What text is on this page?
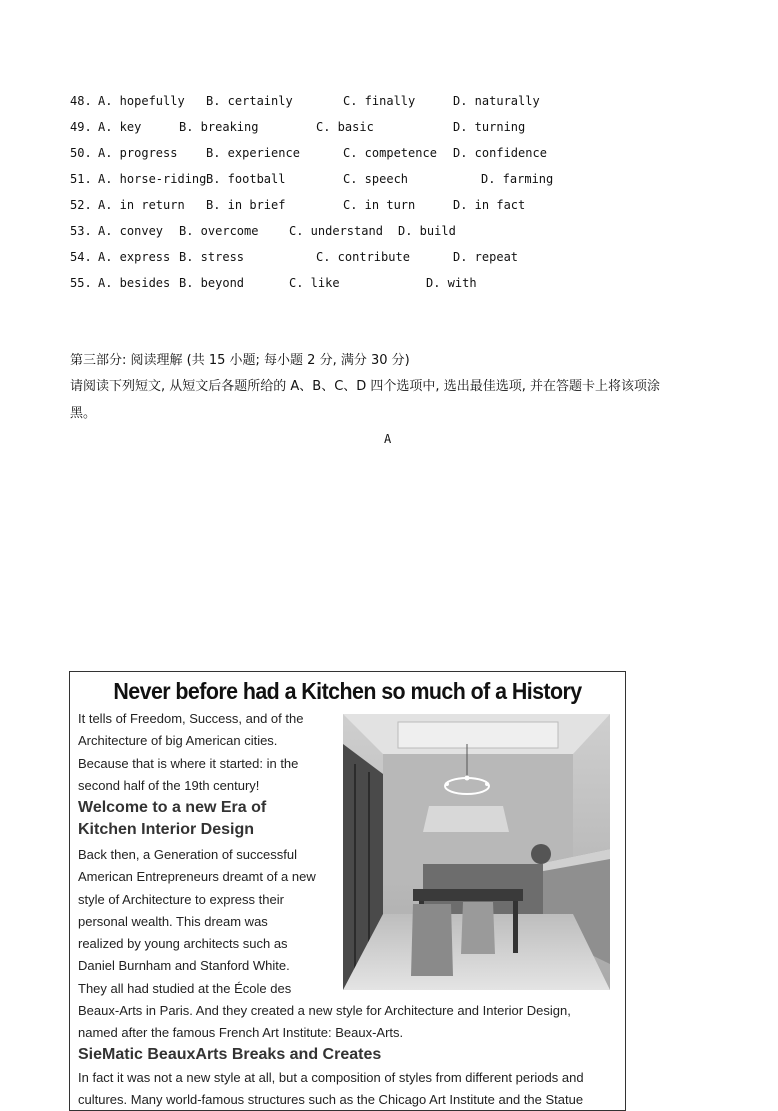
48. A. hopefully B. certainly	C. finally	D. naturally
49. A. key	B. breaking	C. basic	D. turning
50. A. progress B. experience	C. competence D. confidence
51. A. horse-riding B. football	C. speech	D. farming
52. A. in return B. in brief	C. in turn	D. in fact
53. A. convey B. overcome	C. understand D. build
54. A. express B. stress	C. contribute	D. repeat
55. A. besides B. beyond	C. like	D. with
第三部分: 阅读理解 (共 15 小题; 每小题 2 分, 满分 30 分)
请阅读下列短文, 从短文后各题所给的 A、B、C、D 四个选项中, 选出最佳选项, 并在答题卡上将该项涂
黑。
A
Never before had a Kitchen so much of a History
It tells of Freedom, Success, and of the
Architecture of big American cities.
Because that is where it started: in the
second half of the 19th century!
Welcome to a new Era of
Kitchen Interior Design
Back then, a Generation of successful
American Entrepreneurs dreamt of a new
style of Architecture to express their
personal wealth. This dream was
realized by young architects such as
Daniel Burnham and Stanford White.
They all had studied at the École des
Beaux-Arts in Paris. And they created a new style for Architecture and Interior Design,
named after the famous French Art Institute: Beaux-Arts.
SieMatic BeauxArts Breaks and Creates
In fact it was not a new style at all, but a composition of styles from different periods and
cultures. Many world-famous structures such as the Chicago Art Institute and the Statue
